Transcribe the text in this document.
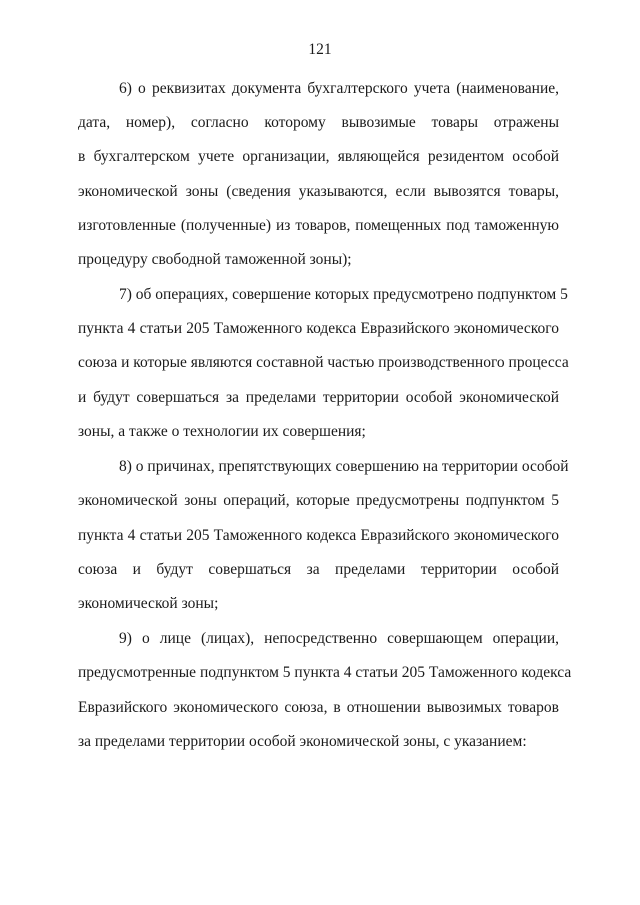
121
6) о реквизитах документа бухгалтерского учета (наименование,
дата, номер), согласно которому вывозимые товары отражены
в бухгалтерском учете организации, являющейся резидентом особой
экономической зоны (сведения указываются, если вывозятся товары,
изготовленные (полученные) из товаров, помещенных под таможенную
процедуру свободной таможенной зоны);
7) об операциях, совершение которых предусмотрено подпунктом 5
пункта 4 статьи 205 Таможенного кодекса Евразийского экономического
союза и которые являются составной частью производственного процесса
и будут совершаться за пределами территории особой экономической
зоны, а также о технологии их совершения;
8) о причинах, препятствующих совершению на территории особой
экономической зоны операций, которые предусмотрены подпунктом 5
пункта 4 статьи 205 Таможенного кодекса Евразийского экономического
союза и будут совершаться за пределами территории особой
экономической зоны;
9) о лице (лицах), непосредственно совершающем операции,
предусмотренные подпунктом 5 пункта 4 статьи 205 Таможенного кодекса
Евразийского экономического союза, в отношении вывозимых товаров
за пределами территории особой экономической зоны, с указанием:
